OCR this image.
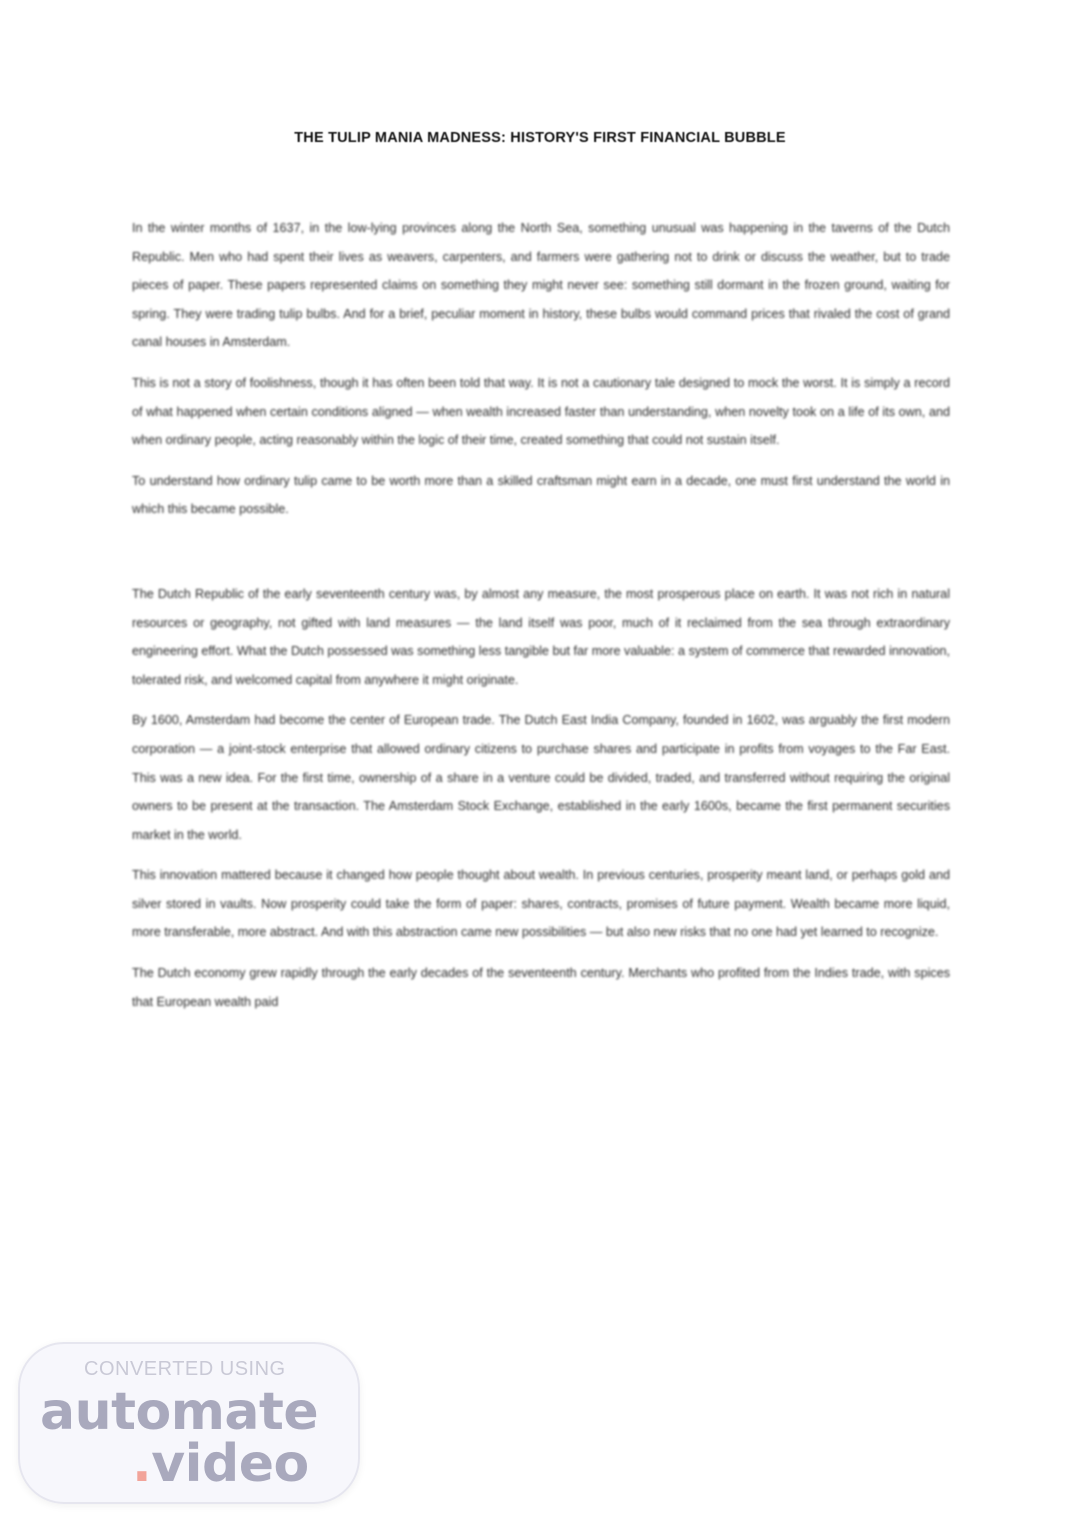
THE TULIP MANIA MADNESS: HISTORY'S FIRST FINANCIAL BUBBLE

In the winter months of 1637, in the low-lying provinces along the North Sea, something unusual was happening in the taverns of the Dutch Republic. Men who had spent their lives as weavers, carpenters, and farmers were gathering not to drink or discuss the weather, but to trade pieces of paper. These papers represented claims on something they might never see: something still dormant in the frozen ground, waiting for spring. They were trading tulip bulbs. And for a brief, peculiar moment in history, these bulbs would command prices that rivaled the cost of grand canal houses in Amsterdam.

This is not a story of foolishness, though it has often been told that way. It is not a cautionary tale designed to mock the worst. It is simply a record of what happened when certain conditions aligned — when wealth increased faster than understanding, when novelty took on a life of its own, and when ordinary people, acting reasonably within the logic of their time, created something that could not sustain itself.

To understand how ordinary tulip came to be worth more than a skilled craftsman might earn in a decade, one must first understand the world in which this became possible.

The Dutch Republic of the early seventeenth century was, by almost any measure, the most prosperous place on earth. It was not rich in natural resources or geography, not gifted with land measures — the land itself was poor, much of it reclaimed from the sea through extraordinary engineering effort. What the Dutch possessed was something less tangible but far more valuable: a system of commerce that rewarded innovation, tolerated risk, and welcomed capital from anywhere it might originate.

By 1600, Amsterdam had become the center of European trade. The Dutch East India Company, founded in 1602, was arguably the first modern corporation — a joint-stock enterprise that allowed ordinary citizens to purchase shares and participate in profits from voyages to the Far East. This was a new idea. For the first time, ownership of a share in a venture could be divided, traded, and transferred without requiring the original owners to be present at the transaction. The Amsterdam Stock Exchange, established in the early 1600s, became the first permanent securities market in the world.

This innovation mattered because it changed how people thought about wealth. In previous centuries, prosperity meant land, or perhaps gold and silver stored in vaults. Now prosperity could take the form of paper: shares, contracts, promises of future payment. Wealth became more liquid, more transferable, more abstract. And with this abstraction came new possibilities — but also new risks that no one had yet learned to recognize.

The Dutch economy grew rapidly through the early decades of the seventeenth century. Merchants who profited from the Indies trade, with spices that European wealth paid

CONVERTED USING
automate
.video
